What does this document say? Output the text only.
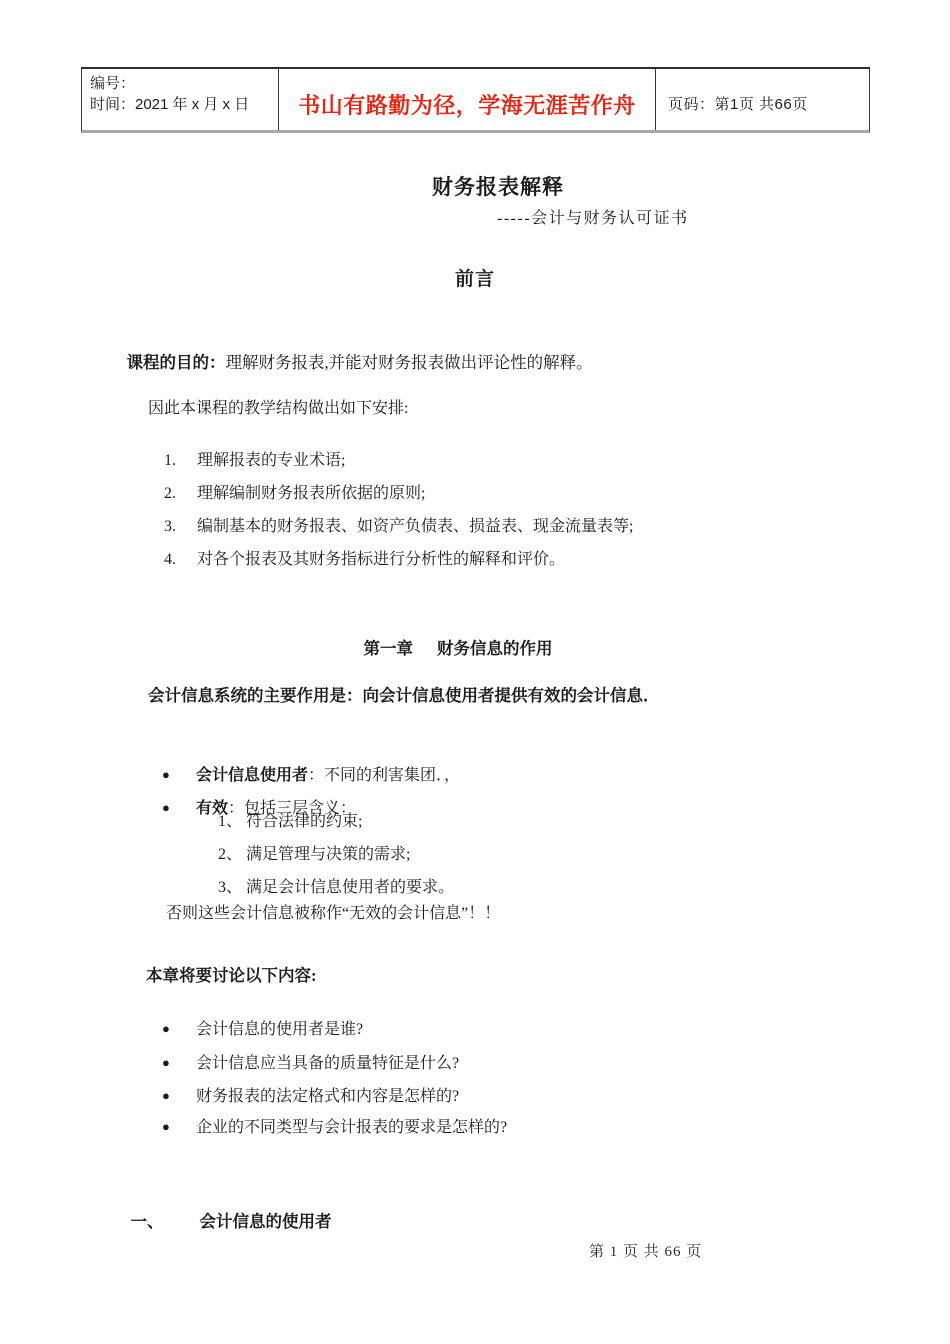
编号：
时间：2021 年 x 月 x 日	书山有路勤为径，学海无涯苦作舟 页码：第1页 共66页
财务报表解释
-----会计与财务认可证书
前言

课程的目的：理解财务报表,并能对财务报表做出评论性的解释。

因此本课程的教学结构做出如下安排:

1. 理解报表的专业术语;

2. 理解编制财务报表所依据的原则;

3. 编制基本的财务报表、如资产负债表、损益表、现金流量表等;

4. 对各个报表及其财务指标进行分析性的解释和评价。

第一章 财务信息的作用

会计信息系统的主要作用是：向会计信息使用者提供有效的会计信息．

● 会计信息使用者：不同的利害集团．，

● 有效：包括三层含义：

1、 符合法律的约束;
2、 满足管理与决策的需求;
3、 满足会计信息使用者的要求。
否则这些会计信息被称作“无效的会计信息”！！
本章将要讨论以下内容:

● 会计信息的使用者是谁?

● 会计信息应当具备的质量特征是什么?

● 财务报表的法定格式和内容是怎样的?

● 企业的不同类型与会计报表的要求是怎样的?

一、 会计信息的使用者

第 1 页 共 66 页
